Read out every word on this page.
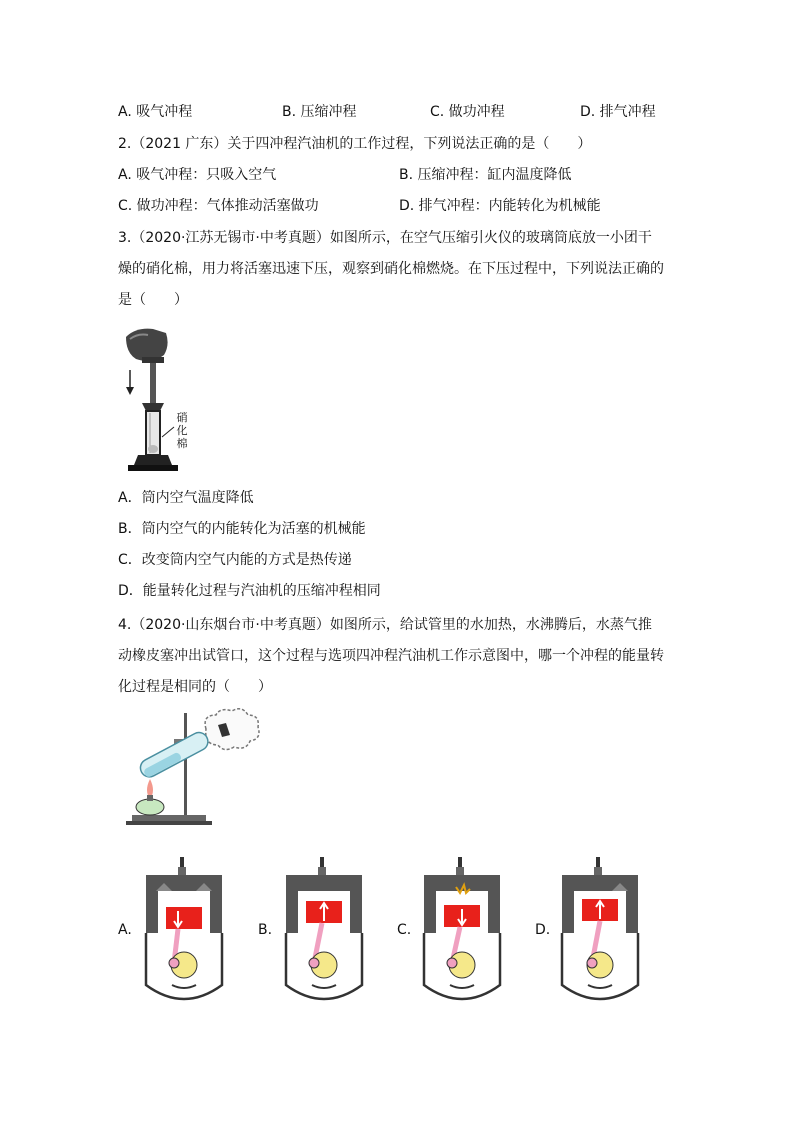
A. 吸气冲程	B. 压缩冲程	C. 做功冲程	D. 排气冲程
2.（2021 广东）关于四冲程汽油机的工作过程，下列说法正确的是（　　）
A. 吸气冲程：只吸入空气	B. 压缩冲程：缸内温度降低
C. 做功冲程：气体推动活塞做功	D. 排气冲程：内能转化为机械能
3.（2020·江苏无锡市·中考真题）如图所示，在空气压缩引火仪的玻璃筒底放一小团干
燥的硝化棉，用力将活塞迅速下压，观察到硝化棉燃烧。在下压过程中，下列说法正确的
是（　　）
硝
化
棉
A．筒内空气温度降低
B．筒内空气的内能转化为活塞的机械能
C．改变筒内空气内能的方式是热传递
D．能量转化过程与汽油机的压缩冲程相同
4.（2020·山东烟台市·中考真题）如图所示，给试管里的水加热，水沸腾后，水蒸气推
动橡皮塞冲出试管口，这个过程与选项四冲程汽油机工作示意图中，哪一个冲程的能量转
化过程是相同的（　　）
A.	B.	C.	D.
